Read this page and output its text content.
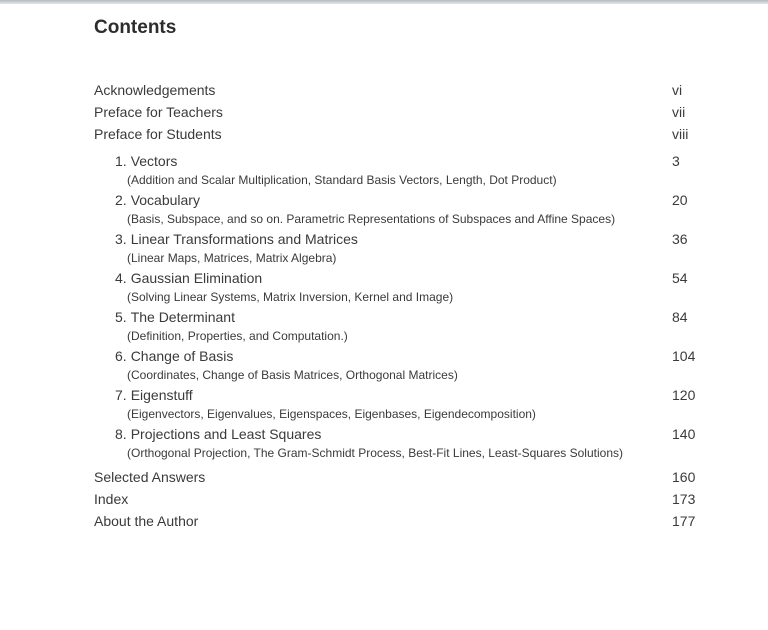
Contents
Acknowledgements	vi
Preface for Teachers	vii
Preface for Students	viii
1. Vectors	3
(Addition and Scalar Multiplication, Standard Basis Vectors, Length, Dot Product)
2. Vocabulary	20
(Basis, Subspace, and so on. Parametric Representations of Subspaces and Affine Spaces)
3. Linear Transformations and Matrices	36
(Linear Maps, Matrices, Matrix Algebra)
4. Gaussian Elimination	54
(Solving Linear Systems, Matrix Inversion, Kernel and Image)
5. The Determinant	84
(Definition, Properties, and Computation.)
6. Change of Basis	104
(Coordinates, Change of Basis Matrices, Orthogonal Matrices)
7. Eigenstuff	120
(Eigenvectors, Eigenvalues, Eigenspaces, Eigenbases, Eigendecomposition)
8. Projections and Least Squares	140
(Orthogonal Projection, The Gram-Schmidt Process, Best-Fit Lines, Least-Squares Solutions)
Selected Answers	160
Index	173
About the Author	177
